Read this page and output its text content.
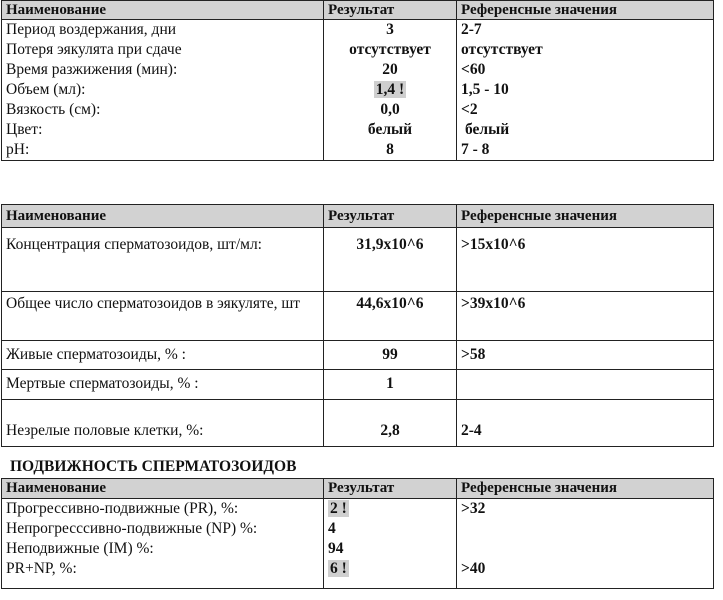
Наименование	Результат	Референсные значения
Период воздержания, дни	3	2-7
Потеря эякулята при сдаче	отсутствует	отсутствует
Время разжижения (мин):	20	<60
Объем (мл):	1,4 !	1,5 - 10
Вязкость (см):	0,0	<2
Цвет:	белый	белый
pH:	8	7 - 8
Наименование	Результат	Референсные значения
Концентрация сперматозоидов, шт/мл:	31,9x10^6	>15x10^6
Общее число сперматозоидов в эякуляте, шт	44,6x10^6	>39x10^6
Живые сперматозоиды, % :	99	>58
Мертвые сперматозоиды, % :	1	
Незрелые половые клетки, %:	2,8	2-4
ПОДВИЖНОСТЬ СПЕРМАТОЗОИДОВ
Наименование	Результат	Референсные значения
Прогрессивно-подвижные (PR), %:	2 !	>32
Непрогресссивно-подвижные (NP) %:	4	
Неподвижные (IM) %:	94	
PR+NP, %:	6 !	>40
